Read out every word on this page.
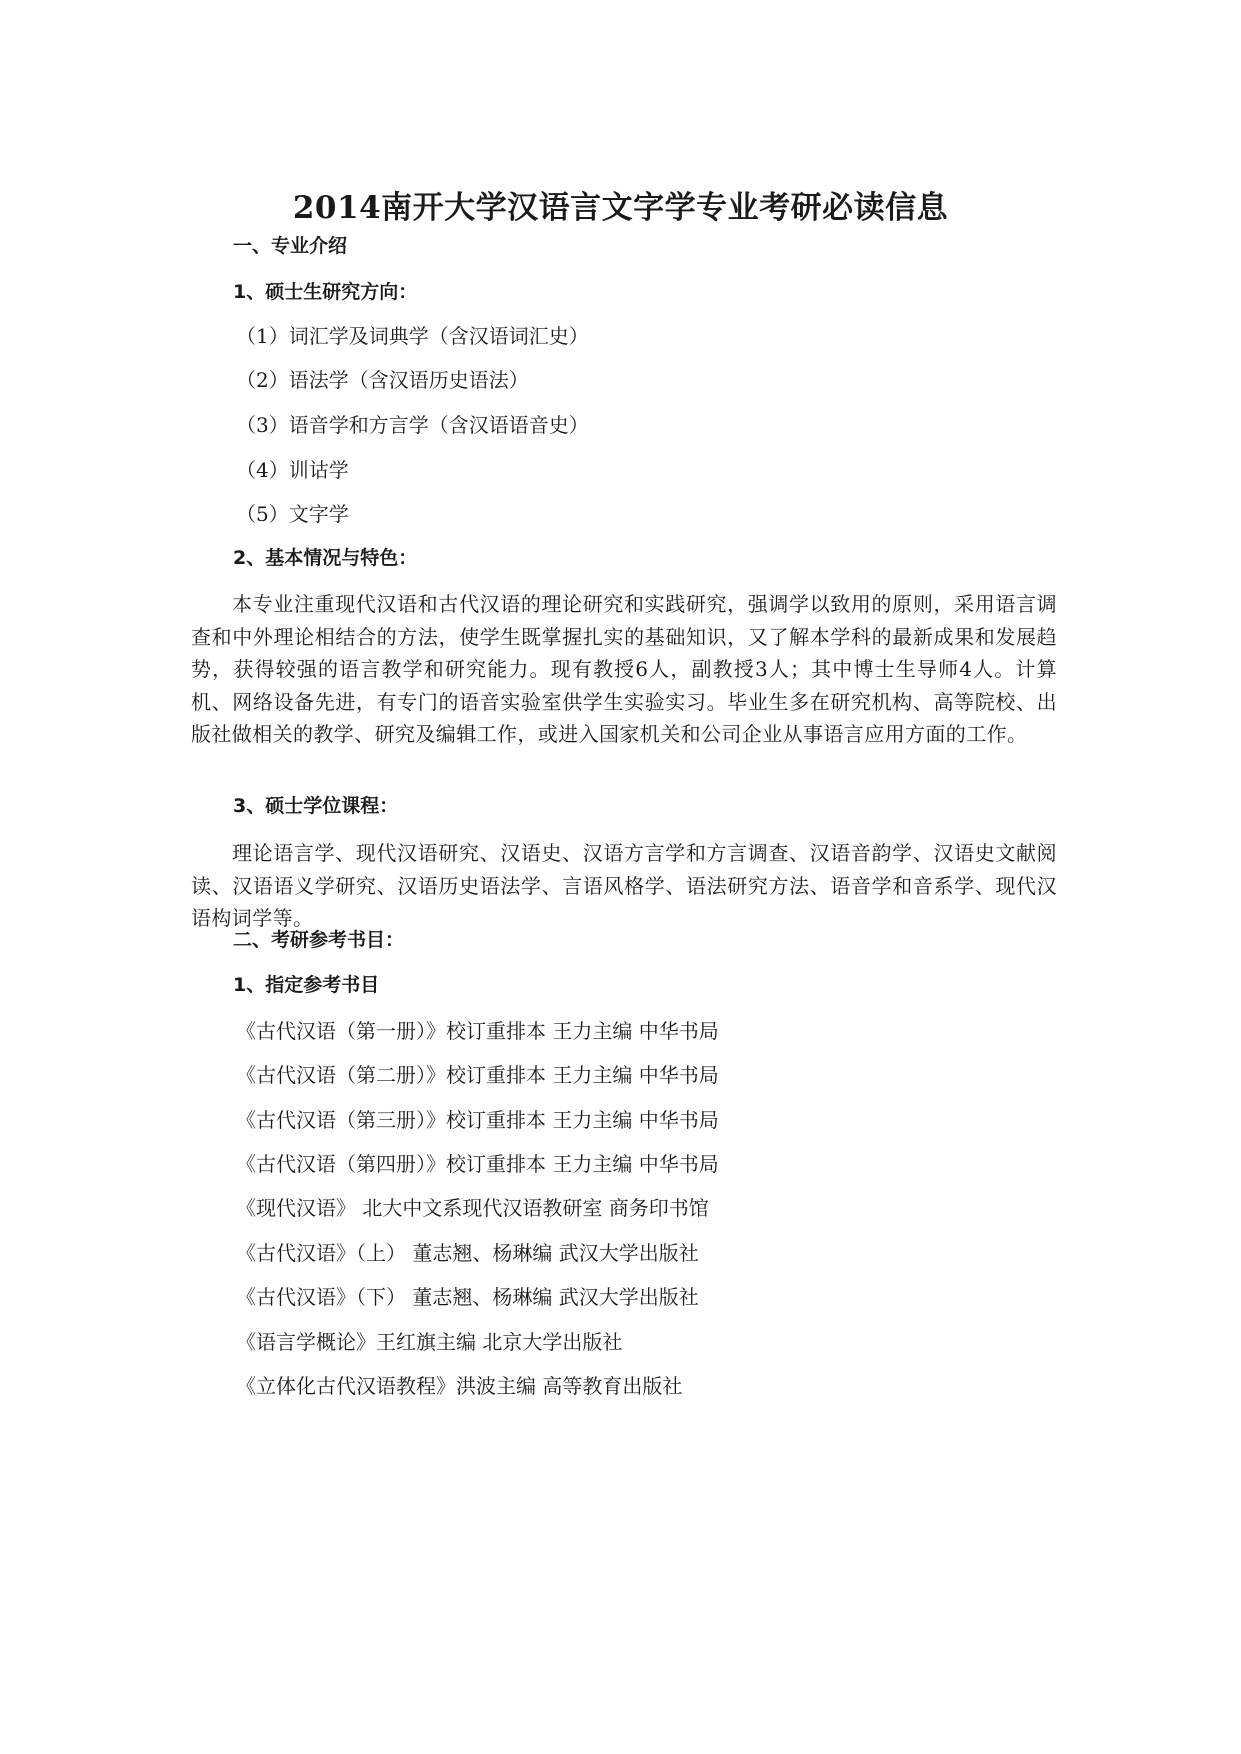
2014南开大学汉语言文字学专业考研必读信息
一、专业介绍
1、硕士生研究方向：
（1）词汇学及词典学（含汉语词汇史）
（2）语法学（含汉语历史语法）
（3）语音学和方言学（含汉语语音史）
（4）训诂学
（5）文字学
2、基本情况与特色：
本专业注重现代汉语和古代汉语的理论研究和实践研究，强调学以致用的原则，采用语言调查和中外理论相结合的方法，使学生既掌握扎实的基础知识，又了解本学科的最新成果和发展趋势，获得较强的语言教学和研究能力。现有教授6人，副教授3人；其中博士生导师4人。计算机、网络设备先进，有专门的语音实验室供学生实验实习。毕业生多在研究机构、高等院校、出版社做相关的教学、研究及编辑工作，或进入国家机关和公司企业从事语言应用方面的工作。
3、硕士学位课程：
理论语言学、现代汉语研究、汉语史、汉语方言学和方言调查、汉语音韵学、汉语史文献阅读、汉语语义学研究、汉语历史语法学、言语风格学、语法研究方法、语音学和音系学、现代汉语构词学等。
二、考研参考书目：
1、指定参考书目
《古代汉语（第一册）》校订重排本 王力主编 中华书局
《古代汉语（第二册）》校订重排本 王力主编 中华书局
《古代汉语（第三册）》校订重排本 王力主编 中华书局
《古代汉语（第四册）》校订重排本 王力主编 中华书局
《现代汉语》 北大中文系现代汉语教研室 商务印书馆
《古代汉语》（上） 董志翘、杨琳编 武汉大学出版社
《古代汉语》（下） 董志翘、杨琳编 武汉大学出版社
《语言学概论》王红旗主编 北京大学出版社
《立体化古代汉语教程》洪波主编 高等教育出版社
